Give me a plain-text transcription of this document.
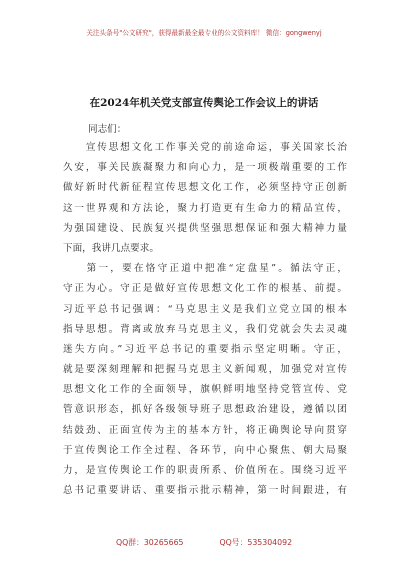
关注头条号"公文研究"，获得最新最全最专业的公文资料库！ 微信：gongwenyj
在2024年机关党支部宣传舆论工作会议上的讲话
同志们：
　　宣传思想文化工作事关党的前途命运，事关国家长治
久安，事关民族凝聚力和向心力，是一项极端重要的工作
做好新时代新征程宣传思想文化工作，必须坚持守正创新
这一世界观和方法论，聚力打造更有生命力的精品宣传，
为强国建设、民族复兴提供坚强思想保证和强大精神力量
下面，我讲几点要求。
　　第一，要在恪守正道中把准“定盘星”。循法守正，
守正为心。守正是做好宣传思想文化工作的根基、前提。
习近平总书记强调：“马克思主义是我们立党立国的根本
指导思想。背离或放弃马克思主义，我们党就会失去灵魂
迷失方向。”习近平总书记的重要指示坚定明晰。守正，
就是要深刻理解和把握马克思主义新闻观，加强党对宣传
思想文化工作的全面领导，旗帜鲜明地坚持党管宣传、党
管意识形态，抓好各级领导班子思想政治建设，遵循以团
结鼓劲、正面宣传为主的基本方针，将正确舆论导向贯穿
于宣传舆论工作全过程、各环节，向中心聚焦、朝大局聚
力，是宣传舆论工作的职责所系、价值所在。围绕习近平
总书记重要讲话、重要指示批示精神，第一时间跟进，有
QQ群：30265665	QQ号：535304092
